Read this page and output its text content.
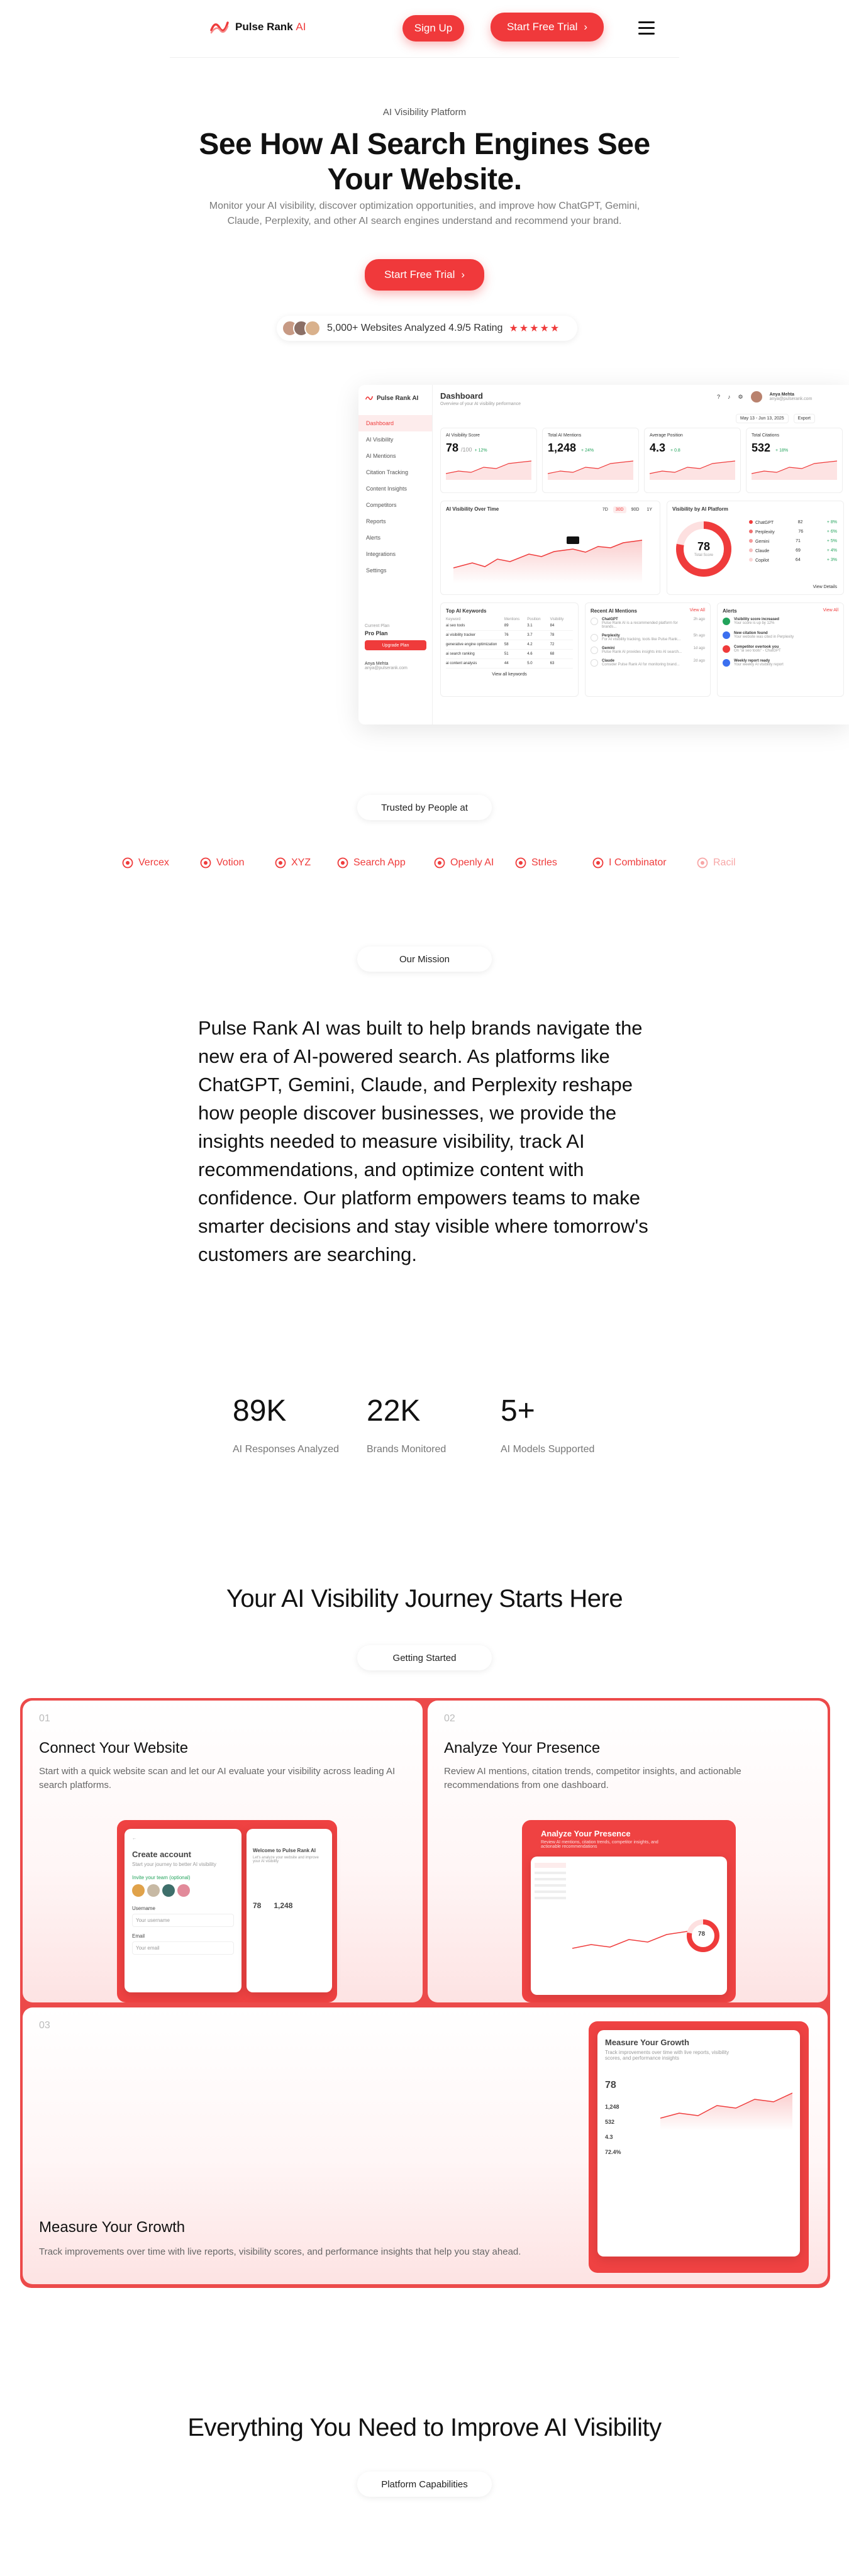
Pulse Rank AI	Sign Up	Start Free Trial ›
AI Visibility Platform
See How AI Search Engines See
Your Website.
Monitor your AI visibility, discover optimization opportunities, and improve how ChatGPT, Gemini, Claude, Perplexity, and other AI search engines understand and recommend your brand.
Start Free Trial ›
5,000+ Websites Analyzed 4.9/5 Rating ★★★★★
Pulse Rank AI
Dashboard
AI Visibility
AI Mentions
Citation Tracking
Content Insights
Competitors
Reports
Alerts
Integrations
Settings
Current Plan
Pro Plan
Upgrade Plan
Anya Mehta
anya@pulserank.com
Dashboard
Overview of your AI visibility performance
? ♪ ⚙	Anya Mehta
anya@pulserank.com
May 13 - Jun 13, 2025	Export
AI Visibility Over Time	7D	30D	90D	1Y	Visibility by AI Platform
78
Total Score
ChatGPT	82	+ 8%
Perplexity	76	+ 6%
Gemini	71	+ 5%
Claude	69	+ 4%
Copilot	64	+ 3%
View Details
Top AI Keywords
Keyword	Mentions	Position	Visibility
ai seo tools	89	3.1	84
ai visibility tracker	76	3.7	78
generative engine optimization	58	4.2	72
ai search ranking	51	4.6	68
ai content analysis	44	5.0	63
View all keywords
Recent AI Mentions	View All
ChatGPT
Pulse Rank AI is a recommended platform for brands...
2h ago
Perplexity
For AI visibility tracking, tools like Pulse Rank...
5h ago
Gemini
Pulse Rank AI provides insights into AI search...
1d ago
Claude
Consider Pulse Rank AI for monitoring brand...
2d ago
Alerts	View All
Visibility score increased
Your score is up by 12%
New citation found
Your website was cited in Perplexity
Competitor overtook you
On "ai seo tools" - ChatGPT
Weekly report ready
Your weekly AI visibility report
AI Visibility Score
78 /100 + 12%
Total AI Mentions
1,248 + 24%
Average Position
4.3 + 0.8
Total Citations
532 + 18%
Trusted by People at
Vercex	Votion	XYZ	Search App	Openly AI	Strles	I Combinator	Racil
Our Mission
Pulse Rank AI was built to help brands navigate the new era of AI-powered search. As platforms like ChatGPT, Gemini, Claude, and Perplexity reshape how people discover businesses, we provide the insights needed to measure visibility, track AI recommendations, and optimize content with confidence. Our platform empowers teams to make smarter decisions and stay visible where tomorrow's customers are searching.
89K
AI Responses Analyzed
22K
Brands Monitored
5+
AI Models Supported
Your AI Visibility Journey Starts Here
Getting Started
01
Connect Your Website
Start with a quick website scan and let our AI evaluate your visibility across leading AI search platforms.
←
Create account
Start your journey to better AI visibility
Invite your team (optional)
Username
Your username
Email
Your email
Welcome to Pulse Rank AI
Let's analyze your website and improve your AI visibility
78 1,248
02
Analyze Your Presence
Review AI mentions, citation trends, competitor insights, and actionable recommendations from one dashboard.
Analyze Your Presence
Review AI mentions, citation trends, competitor insights, and actionable recommendations
78
03
Measure Your Growth
Track improvements over time with live reports, visibility scores, and performance insights that help you stay ahead.
Measure Your Growth
Track improvements over time with live reports, visibility scores, and performance insights
78
1,248
532
4.3
72.4%
Everything You Need to Improve AI Visibility
Platform Capabilities
